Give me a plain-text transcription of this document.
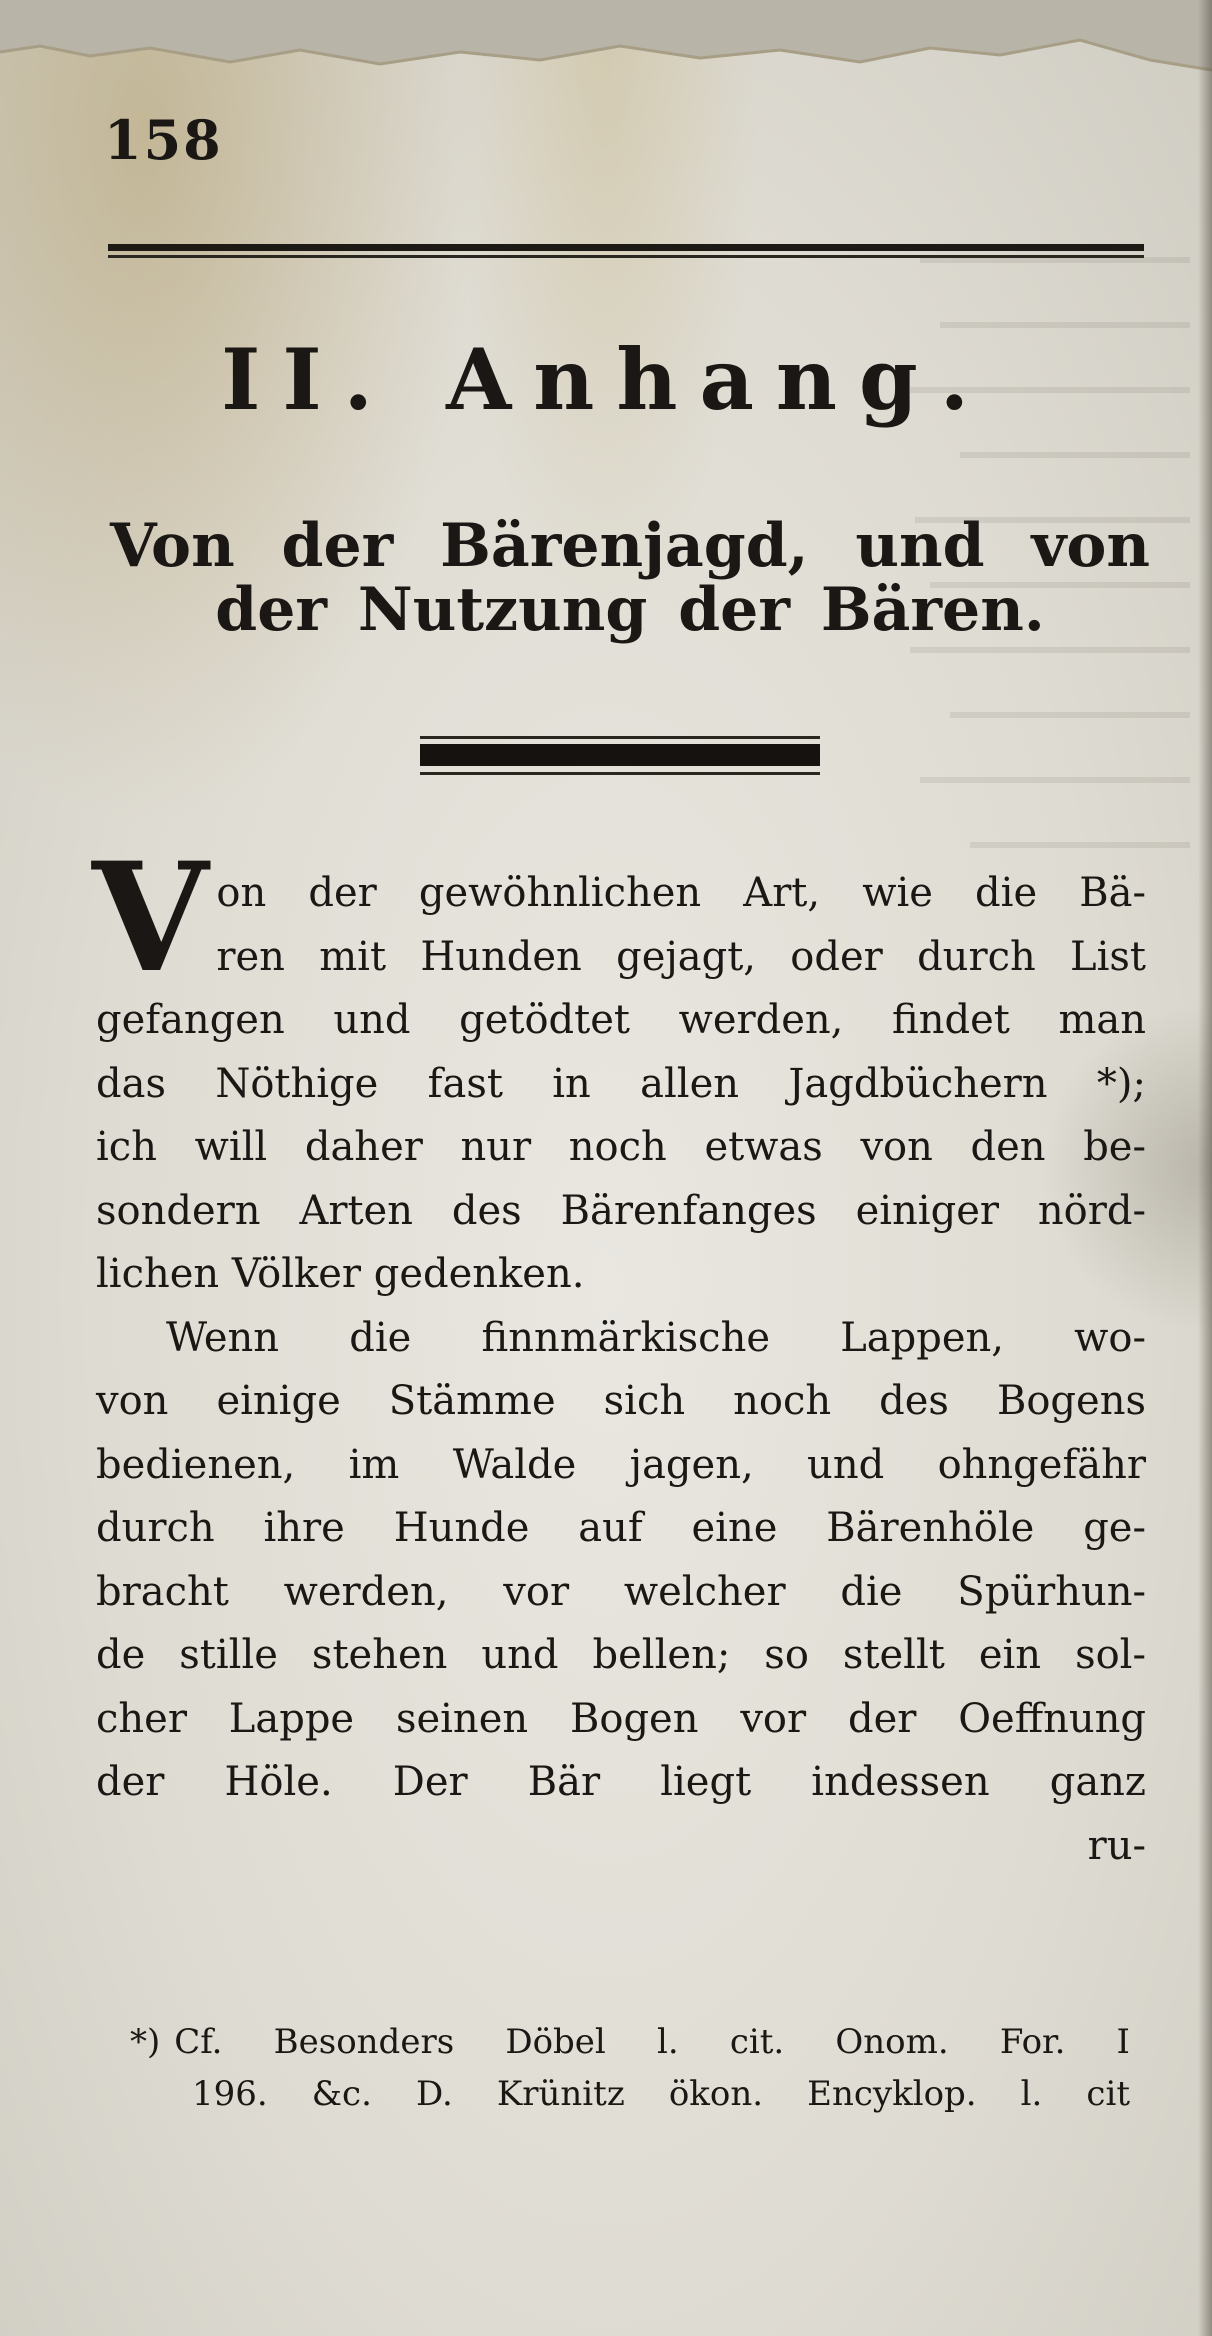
158
II. Anhang.
Von der Bärenjagd, und von
der Nutzung der Bären.
V on der gewöhnlichen Art, wie die Bä-
ren mit Hunden gejagt, oder durch List
gefangen und getödtet werden, findet man
das Nöthige fast in allen Jagdbüchern *);
ich will daher nur noch etwas von den be-
sondern Arten des Bärenfanges einiger nörd-
lichen Völker gedenken.
Wenn die finnmärkische Lappen, wo-
von einige Stämme sich noch des Bogens
bedienen, im Walde jagen, und ohngefähr
durch ihre Hunde auf eine Bärenhöle ge-
bracht werden, vor welcher die Spürhun-
de stille stehen und bellen; so stellt ein sol-
cher Lappe seinen Bogen vor der Oeffnung
der Höle. Der Bär liegt indessen ganz
ru-
*) Cf. Besonders Döbel l. cit. Onom. For. I
196. &c. D. Krünitz ökon. Encyklop. l. cit
